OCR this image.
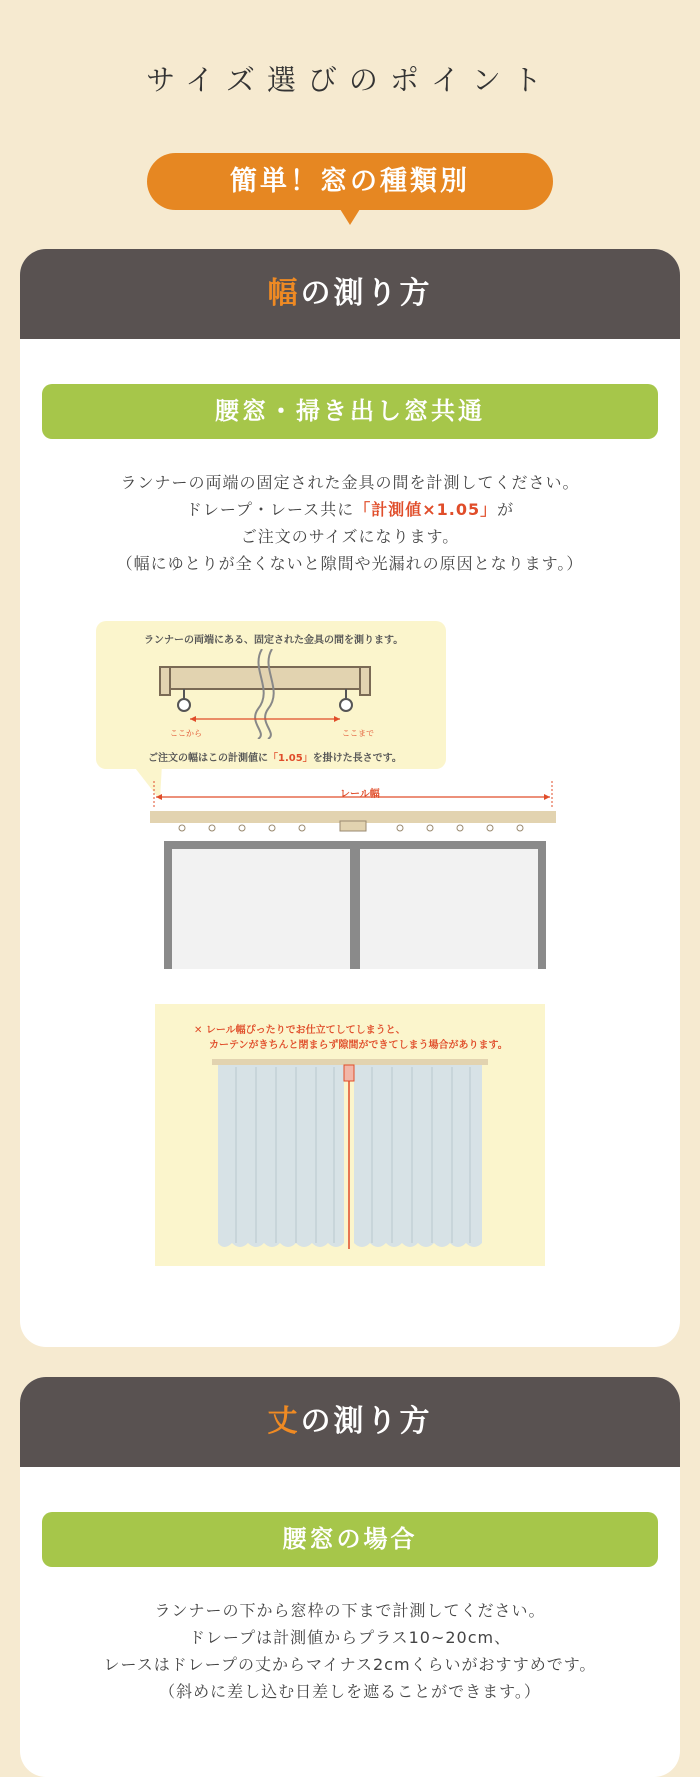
サイズ選びのポイント
簡単！窓の種類別
幅の測り方
腰窓・掃き出し窓共通
ランナーの両端の固定された金具の間を計測してください。
ドレープ・レース共に「計測値×1.05」が
ご注文のサイズになります。
（幅にゆとりが全くないと隙間や光漏れの原因となります。）
ランナーの両端にある、固定された金具の間を測ります。
ここから	ここまで
ご注文の幅はこの計測値に「1.05」を掛けた長さです。
レール幅
✕ レール幅ぴったりでお仕立てしてしまうと、
カーテンがきちんと閉まらず隙間ができてしまう場合があります。
丈の測り方
腰窓の場合
ランナーの下から窓枠の下まで計測してください。
ドレープは計測値からプラス10~20cm、
レースはドレープの丈からマイナス2cmくらいがおすすめです。
（斜めに差し込む日差しを遮ることができます。）
